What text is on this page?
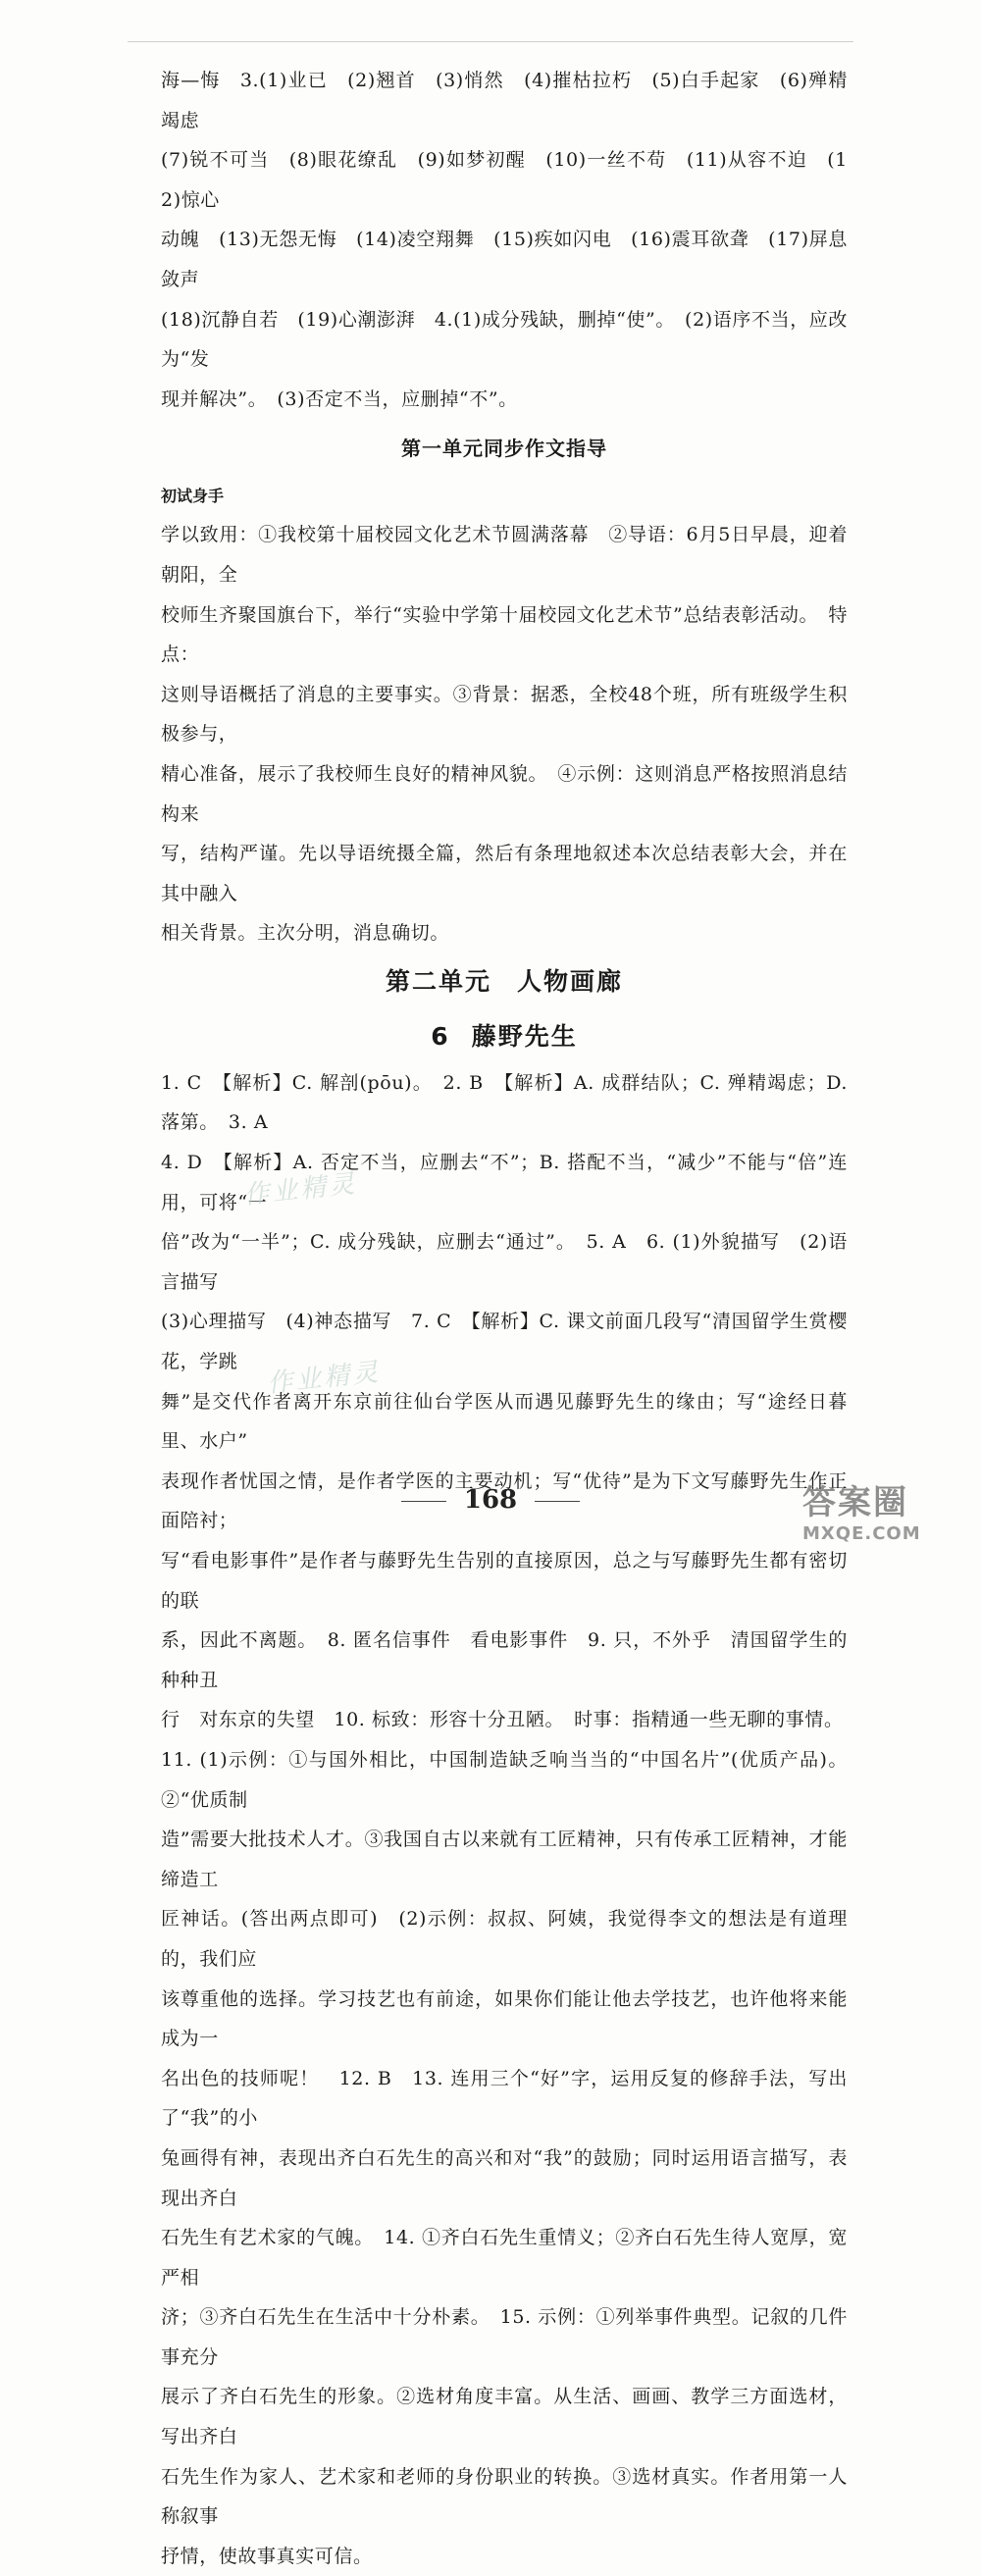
海—悔　3.(1)业已　(2)翘首　(3)悄然　(4)摧枯拉朽　(5)白手起家　(6)殚精竭虑
(7)锐不可当　(8)眼花缭乱　(9)如梦初醒　(10)一丝不苟　(11)从容不迫　(12)惊心
动魄　(13)无怨无悔　(14)凌空翔舞　(15)疾如闪电　(16)震耳欲聋　(17)屏息敛声
(18)沉静自若　(19)心潮澎湃　4.(1)成分残缺，删掉“使”。　(2)语序不当，应改为“发
现并解决”。　(3)否定不当，应删掉“不”。
第一单元同步作文指导
初试身手
学以致用：①我校第十届校园文化艺术节圆满落幕　②导语：6月5日早晨，迎着朝阳，全
校师生齐聚国旗台下，举行“实验中学第十届校园文化艺术节”总结表彰活动。　特点：
这则导语概括了消息的主要事实。③背景：据悉，全校48个班，所有班级学生积极参与，
精心准备，展示了我校师生良好的精神风貌。　④示例：这则消息严格按照消息结构来
写，结构严谨。先以导语统摄全篇，然后有条理地叙述本次总结表彰大会，并在其中融入
相关背景。主次分明，消息确切。
第二单元 人物画廊
6 藤野先生
1. C　【解析】C. 解剖(pōu)。　2. B　【解析】A. 成群结队；C. 殚精竭虑；D. 落第。　3. A
4. D　【解析】A. 否定不当，应删去“不”；B. 搭配不当，“减少”不能与“倍”连用，可将“一
倍”改为“一半”；C. 成分残缺，应删去“通过”。　5. A　6. (1)外貌描写　(2)语言描写
(3)心理描写　(4)神态描写　7. C　【解析】C. 课文前面几段写“清国留学生赏樱花，学跳
舞”是交代作者离开东京前往仙台学医从而遇见藤野先生的缘由；写“途经日暮里、水户”
表现作者忧国之情，是作者学医的主要动机；写“优待”是为下文写藤野先生作正面陪衬；
写“看电影事件”是作者与藤野先生告别的直接原因，总之与写藤野先生都有密切的联
系，因此不离题。　8. 匿名信事件　看电影事件　9. 只，不外乎　清国留学生的种种丑
行　对东京的失望　10. 标致：形容十分丑陋。　时事：指精通一些无聊的事情。
11. (1)示例：①与国外相比，中国制造缺乏响当当的“中国名片”(优质产品)。②“优质制
造”需要大批技术人才。③我国自古以来就有工匠精神，只有传承工匠精神，才能缔造工
匠神话。(答出两点即可)　(2)示例：叔叔、阿姨，我觉得李文的想法是有道理的，我们应
该尊重他的选择。学习技艺也有前途，如果你们能让他去学技艺，也许他将来能成为一
名出色的技师呢！　12. B　13. 连用三个“好”字，运用反复的修辞手法，写出了“我”的小
兔画得有神，表现出齐白石先生的高兴和对“我”的鼓励；同时运用语言描写，表现出齐白
石先生有艺术家的气魄。　14. ①齐白石先生重情义；②齐白石先生待人宽厚，宽严相
济；③齐白石先生在生活中十分朴素。　15. 示例：①列举事件典型。记叙的几件事充分
展示了齐白石先生的形象。②选材角度丰富。从生活、画画、教学三方面选材，写出齐白
石先生作为家人、艺术家和老师的身份职业的转换。③选材真实。作者用第一人称叙事
抒情，使故事真实可信。
作业精灵
作业精灵
168	答案圈
MXQE.COM
